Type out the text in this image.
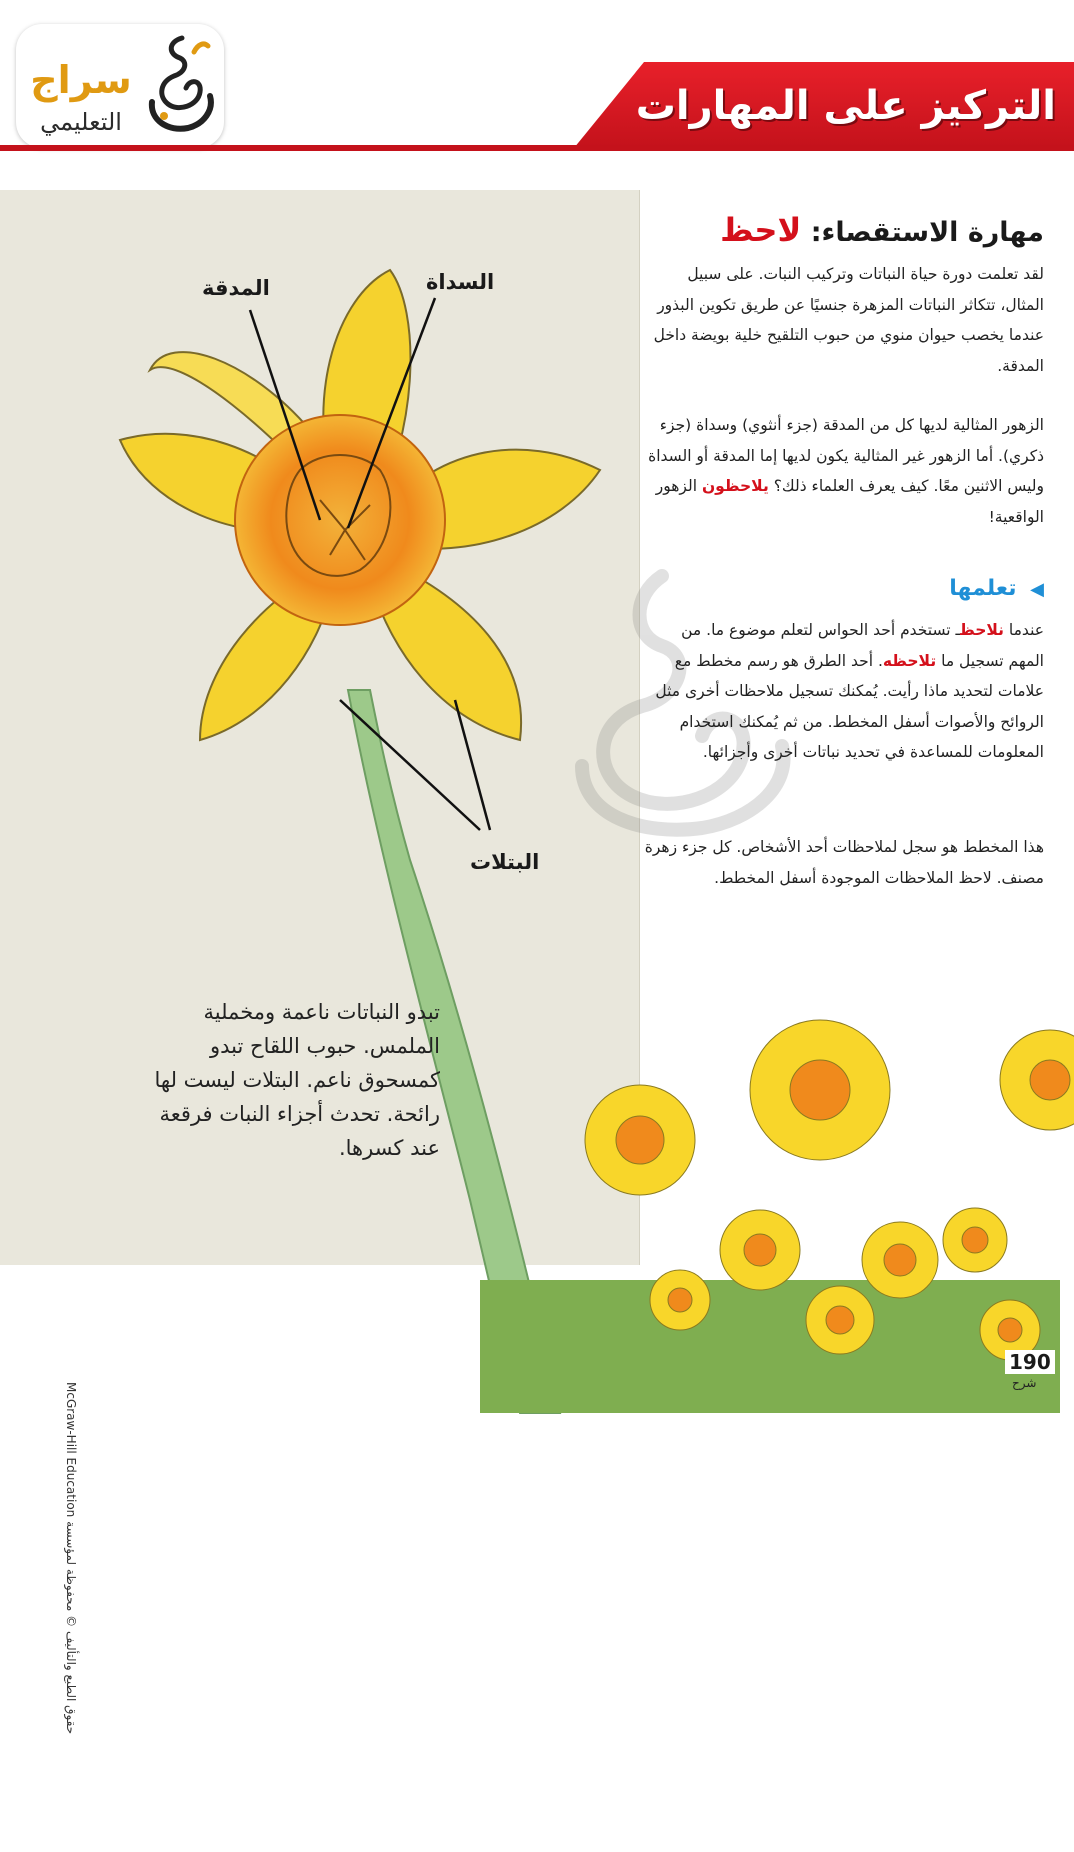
سراج
التعليمي	التركيز على المهارات
المدقة	السداة
البتلات
حقوق الطبع والتأليف © محفوظة لمؤسسة McGraw-Hill Education
تبدو النباتات ناعمة ومخملية الملمس. حبوب اللقاح تبدو كمسحوق ناعم. البتلات ليست لها رائحة. تحدث أجزاء النبات فرقعة عند كسرها.
مهارة الاستقصاء: لاحظ
لقد تعلمت دورة حياة النباتات وتركيب النبات. على سبيل المثال، تتكاثر النباتات المزهرة جنسيًا عن طريق تكوين البذور عندما يخصب حيوان منوي من حبوب التلقيح خلية بويضة داخل المدقة.
الزهور المثالية لديها كل من المدقة (جزء أنثوي) وسداة (جزء ذكري). أما الزهور غير المثالية يكون لديها إما المدقة أو السداة وليس الاثنين معًا. كيف يعرف العلماء ذلك؟ يلاحظون الزهور الواقعية!
◀ تعلمها
عندما نلاحظـ تستخدم أحد الحواس لتعلم موضوع ما. من المهم تسجيل ما تلاحظه. أحد الطرق هو رسم مخطط مع علامات لتحديد ماذا رأيت. يُمكنك تسجيل ملاحظات أخرى مثل الروائح والأصوات أسفل المخطط. من ثم يُمكنك استخدام المعلومات للمساعدة في تحديد نباتات أخرى وأجزائها.
هذا المخطط هو سجل لملاحظات أحد الأشخاص. كل جزء زهرة مصنف. لاحظ الملاحظات الموجودة أسفل المخطط.
190
شرح
